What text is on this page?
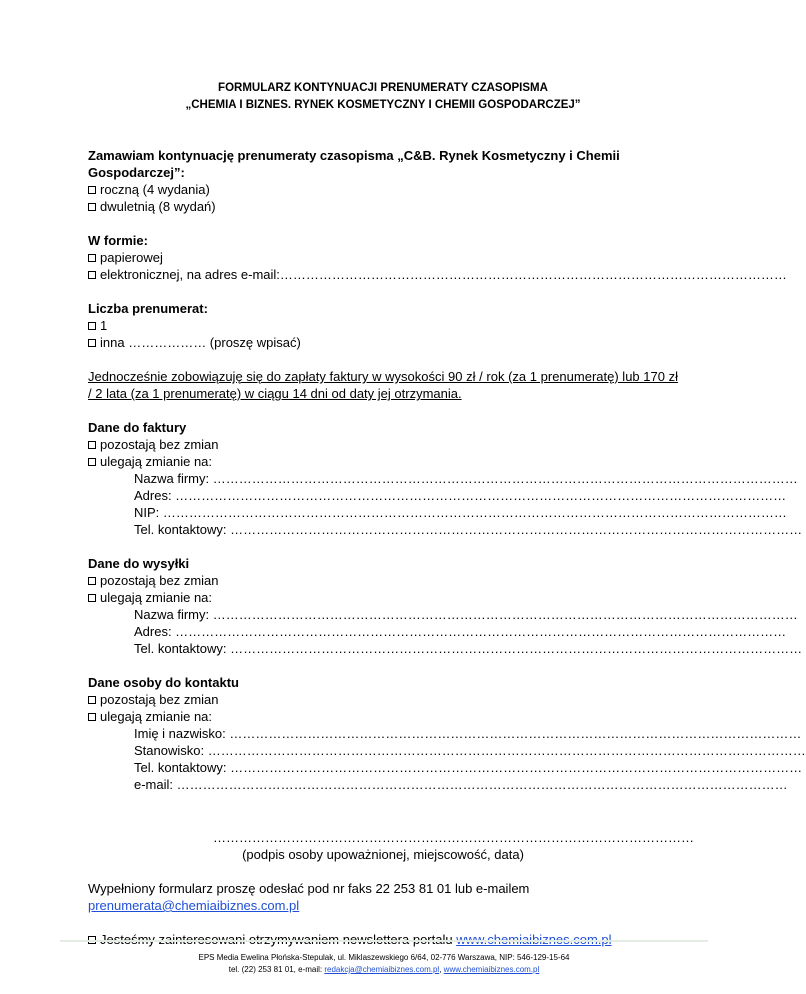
FORMULARZ KONTYNUACJI PRENUMERATY CZASOPISMA

„CHEMIA I BIZNES. RYNEK KOSMETYCZNY I CHEMII GOSPODARCZEJ”

Zamawiam kontynuację prenumeraty czasopisma „C&B. Rynek Kosmetyczny i Chemii Gospodarczej”:
roczną (4 wydania)
dwuletnią (8 wydań)
W formie:
papierowej
elektronicznej, na adres e-mail:………………………………………………………………………………………………………
Liczba prenumerat:
1
inna ……………… (proszę wpisać)
Jednocześnie zobowiązuję się do zapłaty faktury w wysokości 90 zł / rok (za 1 prenumeratę) lub 170 zł / 2 lata (za 1 prenumeratę) w ciągu 14 dni od daty jej otrzymania.
Dane do faktury
pozostają bez zmian
ulegają zmianie na:
Nazwa firmy: ………………………………………………………………………………………………………………………
Adres: ……………………………………………………………………………………………………………………………
NIP: ………………………………………………………………………………………………………………………………
Tel. kontaktowy: ……………………………………………………………………………………………………………………
Dane do wysyłki
pozostają bez zmian
ulegają zmianie na:
Nazwa firmy: ………………………………………………………………………………………………………………………
Adres: ……………………………………………………………………………………………………………………………
Tel. kontaktowy: ……………………………………………………………………………………………………………………
Dane osoby do kontaktu
pozostają bez zmian
ulegają zmianie na:
Imię i nazwisko: ……………………………………………………………………………………………………………………
Stanowisko: …………………………………………………………………………………………………………………………
Tel. kontaktowy: ……………………………………………………………………………………………………………………
e-mail: ……………………………………………………………………………………………………………………………
…………………………………………………………………………………………………
(podpis osoby upoważnionej, miejscowość, data)
Wypełniony formularz proszę odesłać pod nr faks 22 253 81 01 lub e-mailem
prenumerata@chemiaibiznes.com.pl
EPS Media Ewelina Płońska-Stepulak, ul. Miklaszewskiego 6/64, 02-776 Warszawa, NIP: 546-129-15-64
tel. (22) 253 81 01, e-mail: redakcja@chemiaibiznes.com.pl, www.chemiaibiznes.com.pl
